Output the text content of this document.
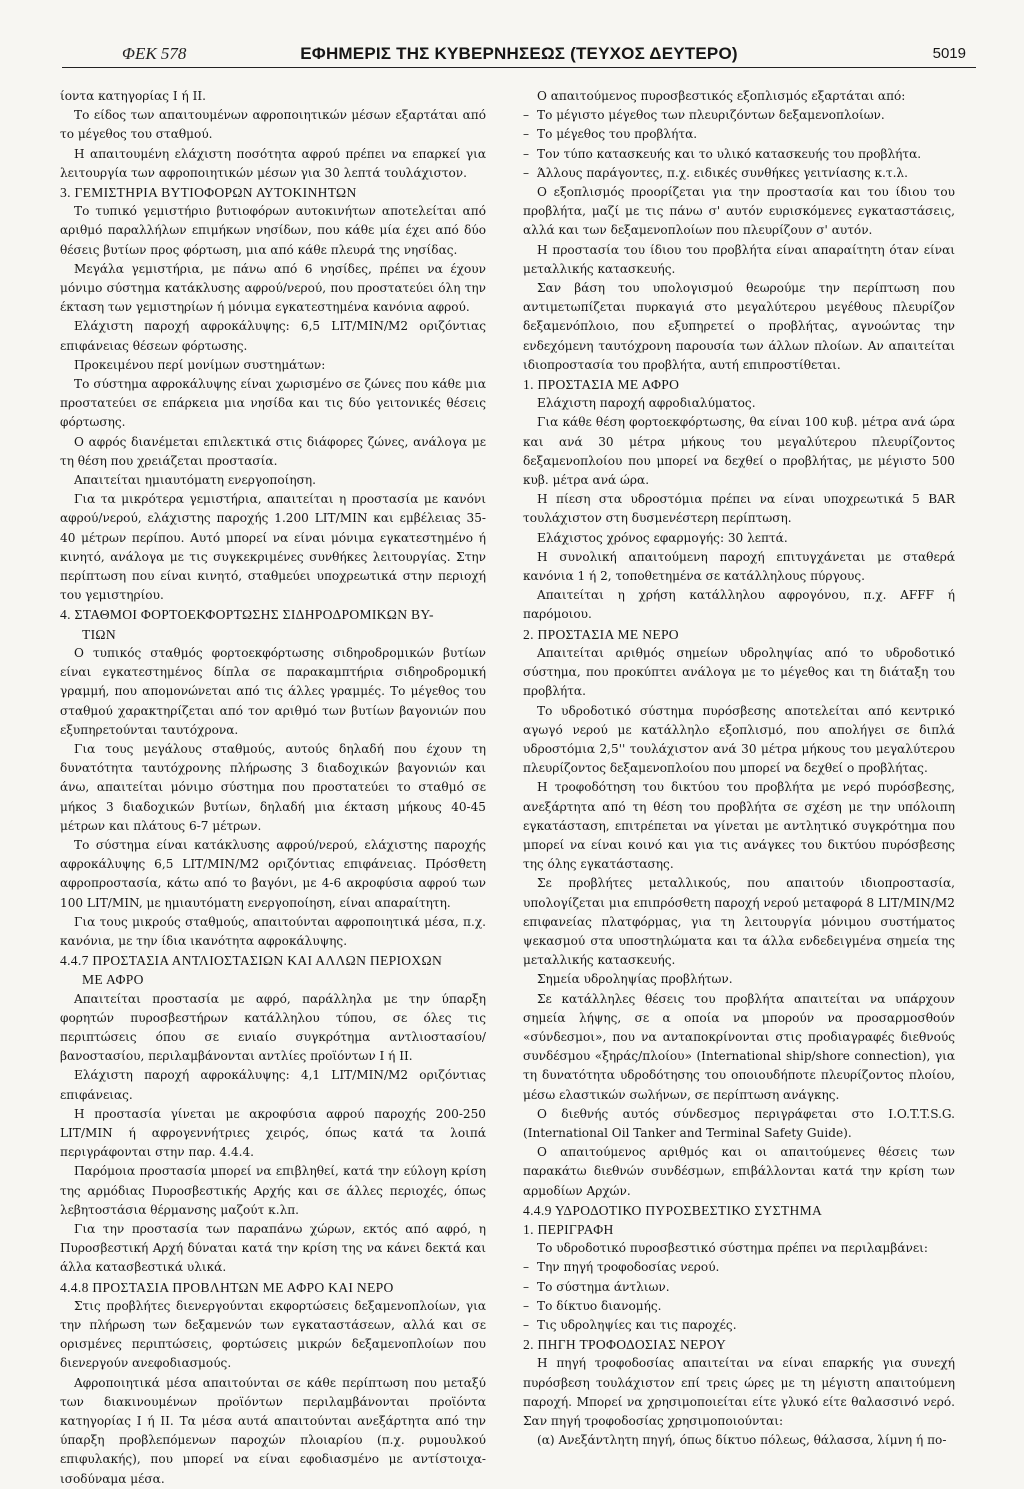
ΦΕΚ 578	ΕΦΗΜΕΡΙΣ ΤΗΣ ΚΥΒΕΡΝΗΣΕΩΣ (ΤΕΥΧΟΣ ΔΕΥΤΕΡΟ)	5019

ίοντα κατηγορίας I ή II.

Το είδος των απαιτουμένων αφροποιητικών μέσων εξαρτάται από το μέγεθος του σταθμού.

Η απαιτουμένη ελάχιστη ποσότητα αφρού πρέπει να επαρκεί για λειτουργία των αφροποιητικών μέσων για 30 λεπτά τουλάχιστον.

3. ΓΕΜΙΣΤΗΡΙΑ ΒΥΤΙΟΦΟΡΩΝ ΑΥΤΟΚΙΝΗΤΩΝ

Το τυπικό γεμιστήριο βυτιοφόρων αυτοκινήτων αποτελείται από αριθμό παραλλήλων επιμήκων νησίδων, που κάθε μία έχει από δύο θέσεις βυτίων προς φόρτωση, μια από κάθε πλευρά της νησίδας.

Μεγάλα γεμιστήρια, με πάνω από 6 νησίδες, πρέπει να έχουν μόνιμο σύστημα κατάκλυσης αφρού/νερού, που προστατεύει όλη την έκταση των γεμιστηρίων ή μόνιμα εγκατεστημένα κανόνια αφρού.

Ελάχιστη παροχή αφροκάλυψης: 6,5 LIT/MIN/M2 οριζόντιας επιφάνειας θέσεων φόρτωσης.

Προκειμένου περί μονίμων συστημάτων:

Το σύστημα αφροκάλυψης είναι χωρισμένο σε ζώνες που κάθε μια προστατεύει σε επάρκεια μια νησίδα και τις δύο γειτονικές θέσεις φόρτωσης.

Ο αφρός διανέμεται επιλεκτικά στις διάφορες ζώνες, ανάλογα με τη θέση που χρειάζεται προστασία.

Απαιτείται ημιαυτόματη ενεργοποίηση.

Για τα μικρότερα γεμιστήρια, απαιτείται η προστασία με κανόνι αφρού/νερού, ελάχιστης παροχής 1.200 LIT/MIN και εμβέλειας 35-40 μέτρων περίπου. Αυτό μπορεί να είναι μόνιμα εγκατεστημένο ή κινητό, ανάλογα με τις συγκεκριμένες συνθήκες λειτουργίας. Στην περίπτωση που είναι κινητό, σταθμεύει υποχρεωτικά στην περιοχή του γεμιστηρίου.

4. ΣΤΑΘΜΟΙ ΦΟΡΤΟΕΚΦΟΡΤΩΣΗΣ ΣΙΔΗΡΟΔΡΟΜΙΚΩΝ ΒΥ-
ΤΙΩΝ

Ο τυπικός σταθμός φορτοεκφόρτωσης σιδηροδρομικών βυτίων είναι εγκατεστημένος δίπλα σε παρακαμπτήρια σιδηροδρομική γραμμή, που απομονώνεται από τις άλλες γραμμές. Το μέγεθος του σταθμού χαρακτηρίζεται από τον αριθμό των βυτίων βαγονιών που εξυπηρετούνται ταυτόχρονα.

Για τους μεγάλους σταθμούς, αυτούς δηλαδή που έχουν τη δυνατότητα ταυτόχρονης πλήρωσης 3 διαδοχικών βαγονιών και άνω, απαιτείται μόνιμο σύστημα που προστατεύει το σταθμό σε μήκος 3 διαδοχικών βυτίων, δηλαδή μια έκταση μήκους 40-45 μέτρων και πλάτους 6-7 μέτρων.

Το σύστημα είναι κατάκλυσης αφρού/νερού, ελάχιστης παροχής αφροκάλυψης 6,5 LIT/MIN/M2 οριζόντιας επιφάνειας. Πρόσθετη αφροπροστασία, κάτω από το βαγόνι, με 4-6 ακροφύσια αφρού των 100 LIT/MIN, με ημιαυτόματη ενεργοποίηση, είναι απαραίτητη.

Για τους μικρούς σταθμούς, απαιτούνται αφροποιητικά μέσα, π.χ. κανόνια, με την ίδια ικανότητα αφροκάλυψης.

4.4.7 ΠΡΟΣΤΑΣΙΑ ΑΝΤΛΙΟΣΤΑΣΙΩΝ ΚΑΙ ΑΛΛΩΝ ΠΕΡΙΟΧΩΝ
ΜΕ ΑΦΡΟ

Απαιτείται προστασία με αφρό, παράλληλα με την ύπαρξη φορητών πυροσβεστήρων κατάλληλου τύπου, σε όλες τις περιπτώσεις όπου σε ενιαίο συγκρότημα αντλιοστασίου/βανοστασίου, περιλαμβάνονται αντλίες προϊόντων I ή II.

Ελάχιστη παροχή αφροκάλυψης: 4,1 LIT/MIN/M2 οριζόντιας επιφάνειας.

Η προστασία γίνεται με ακροφύσια αφρού παροχής 200-250 LIT/MIN ή αφρογεννήτριες χειρός, όπως κατά τα λοιπά περιγράφονται στην παρ. 4.4.4.

Παρόμοια προστασία μπορεί να επιβληθεί, κατά την εύλογη κρίση της αρμόδιας Πυροσβεστικής Αρχής και σε άλλες περιοχές, όπως λεβητοστάσια θέρμανσης μαζούτ κ.λπ.

Για την προστασία των παραπάνω χώρων, εκτός από αφρό, η Πυροσβεστική Αρχή δύναται κατά την κρίση της να κάνει δεκτά και άλλα κατασβεστικά υλικά.

4.4.8 ΠΡΟΣΤΑΣΙΑ ΠΡΟΒΛΗΤΩΝ ΜΕ ΑΦΡΟ ΚΑΙ ΝΕΡΟ

Στις προβλήτες διενεργούνται εκφορτώσεις δεξαμενοπλοίων, για την πλήρωση των δεξαμενών των εγκαταστάσεων, αλλά και σε ορισμένες περιπτώσεις, φορτώσεις μικρών δεξαμενοπλοίων που διενεργούν ανεφοδιασμούς.

Αφροποιητικά μέσα απαιτούνται σε κάθε περίπτωση που μεταξύ των διακινουμένων προϊόντων περιλαμβάνονται προϊόντα κατηγορίας I ή II. Τα μέσα αυτά απαιτούνται ανεξάρτητα από την ύπαρξη προβλεπόμενων παροχών πλοιαρίου (π.χ. ρυμουλκού επιφυλακής), που μπορεί να είναι εφοδιασμένο με αντίστοιχα-ισοδύναμα μέσα.

Ο απαιτούμενος πυροσβεστικός εξοπλισμός εξαρτάται από:

– Το μέγιστο μέγεθος των πλευριζόντων δεξαμενοπλοίων.
– Το μέγεθος του προβλήτα.
– Τον τύπο κατασκευής και το υλικό κατασκευής του προβλήτα.
– Άλλους παράγοντες, π.χ. ειδικές συνθήκες γειτνίασης κ.τ.λ.

Ο εξοπλισμός προορίζεται για την προστασία και του ίδιου του προβλήτα, μαζί με τις πάνω σ' αυτόν ευρισκόμενες εγκαταστάσεις, αλλά και των δεξαμενοπλοίων που πλευρίζουν σ' αυτόν.

Η προστασία του ίδιου του προβλήτα είναι απαραίτητη όταν είναι μεταλλικής κατασκευής.

Σαν βάση του υπολογισμού θεωρούμε την περίπτωση που αντιμετωπίζεται πυρκαγιά στο μεγαλύτερου μεγέθους πλευρίζον δεξαμενόπλοιο, που εξυπηρετεί ο προβλήτας, αγνοώντας την ενδεχόμενη ταυτόχρονη παρουσία των άλλων πλοίων. Αν απαιτείται ιδιοπροστασία του προβλήτα, αυτή επιπροστίθεται.

1. ΠΡΟΣΤΑΣΙΑ ΜΕ ΑΦΡΟ

Ελάχιστη παροχή αφροδιαλύματος.

Για κάθε θέση φορτοεκφόρτωσης, θα είναι 100 κυβ. μέτρα ανά ώρα και ανά 30 μέτρα μήκους του μεγαλύτερου πλευρίζοντος δεξαμενοπλοίου που μπορεί να δεχθεί ο προβλήτας, με μέγιστο 500 κυβ. μέτρα ανά ώρα.

Η πίεση στα υδροστόμια πρέπει να είναι υποχρεωτικά 5 BAR τουλάχιστον στη δυσμενέστερη περίπτωση.

Ελάχιστος χρόνος εφαρμογής: 30 λεπτά.

Η συνολική απαιτούμενη παροχή επιτυγχάνεται με σταθερά κανόνια 1 ή 2, τοποθετημένα σε κατάλληλους πύργους.

Απαιτείται η χρήση κατάλληλου αφρογόνου, π.χ. AFFF ή παρόμοιου.

2. ΠΡΟΣΤΑΣΙΑ ΜΕ ΝΕΡΟ

Απαιτείται αριθμός σημείων υδροληψίας από το υδροδοτικό σύστημα, που προκύπτει ανάλογα με το μέγεθος και τη διάταξη του προβλήτα.

Το υδροδοτικό σύστημα πυρόσβεσης αποτελείται από κεντρικό αγωγό νερού με κατάλληλο εξοπλισμό, που απολήγει σε διπλά υδροστόμια 2,5'' τουλάχιστον ανά 30 μέτρα μήκους του μεγαλύτερου πλευρίζοντος δεξαμενοπλοίου που μπορεί να δεχθεί ο προβλήτας.

Η τροφοδότηση του δικτύου του προβλήτα με νερό πυρόσβεσης, ανεξάρτητα από τη θέση του προβλήτα σε σχέση με την υπόλοιπη εγκατάσταση, επιτρέπεται να γίνεται με αντλητικό συγκρότημα που μπορεί να είναι κοινό και για τις ανάγκες του δικτύου πυρόσβεσης της όλης εγκατάστασης.

Σε προβλήτες μεταλλικούς, που απαιτούν ιδιοπροστασία, υπολογίζεται μια επιπρόσθετη παροχή νερού μεταφορά 8 LIT/MIN/M2 επιφανείας πλατφόρμας, για τη λειτουργία μόνιμου συστήματος ψεκασμού στα υποστηλώματα και τα άλλα ενδεδειγμένα σημεία της μεταλλικής κατασκευής.

Σημεία υδροληψίας προβλήτων.

Σε κατάλληλες θέσεις του προβλήτα απαιτείται να υπάρχουν σημεία λήψης, σε α οποία να μπορούν να προσαρμοσθούν «σύνδεσμοι», που να ανταποκρίνονται στις προδιαγραφές διεθνούς συνδέσμου «ξηράς/πλοίου» (International ship/shore connection), για τη δυνατότητα υδροδότησης του οποιουδήποτε πλευρίζοντος πλοίου, μέσω ελαστικών σωλήνων, σε περίπτωση ανάγκης.

Ο διεθνής αυτός σύνδεσμος περιγράφεται στο I.O.T.T.S.G. (International Oil Tanker and Terminal Safety Guide).

Ο απαιτούμενος αριθμός και οι απαιτούμενες θέσεις των παρακάτω διεθνών συνδέσμων, επιβάλλονται κατά την κρίση των αρμοδίων Αρχών.

4.4.9 ΥΔΡΟΔΟΤΙΚΟ ΠΥΡΟΣΒΕΣΤΙΚΟ ΣΥΣΤΗΜΑ
1. ΠΕΡΙΓΡΑΦΗ

Το υδροδοτικό πυροσβεστικό σύστημα πρέπει να περιλαμβάνει:

– Την πηγή τροφοδοσίας νερού.
– Το σύστημα άντλιων.
– Το δίκτυο διανομής.
– Τις υδροληψίες και τις παροχές.
2. ΠΗΓΗ ΤΡΟΦΟΔΟΣΙΑΣ ΝΕΡΟΥ

Η πηγή τροφοδοσίας απαιτείται να είναι επαρκής για συνεχή πυρόσβεση τουλάχιστον επί τρεις ώρες με τη μέγιστη απαιτούμενη παροχή. Μπορεί να χρησιμοποιείται είτε γλυκό είτε θαλασσινό νερό. Σαν πηγή τροφοδοσίας χρησιμοποιούνται:

(α) Ανεξάντλητη πηγή, όπως δίκτυο πόλεως, θάλασσα, λίμνη ή πο-
